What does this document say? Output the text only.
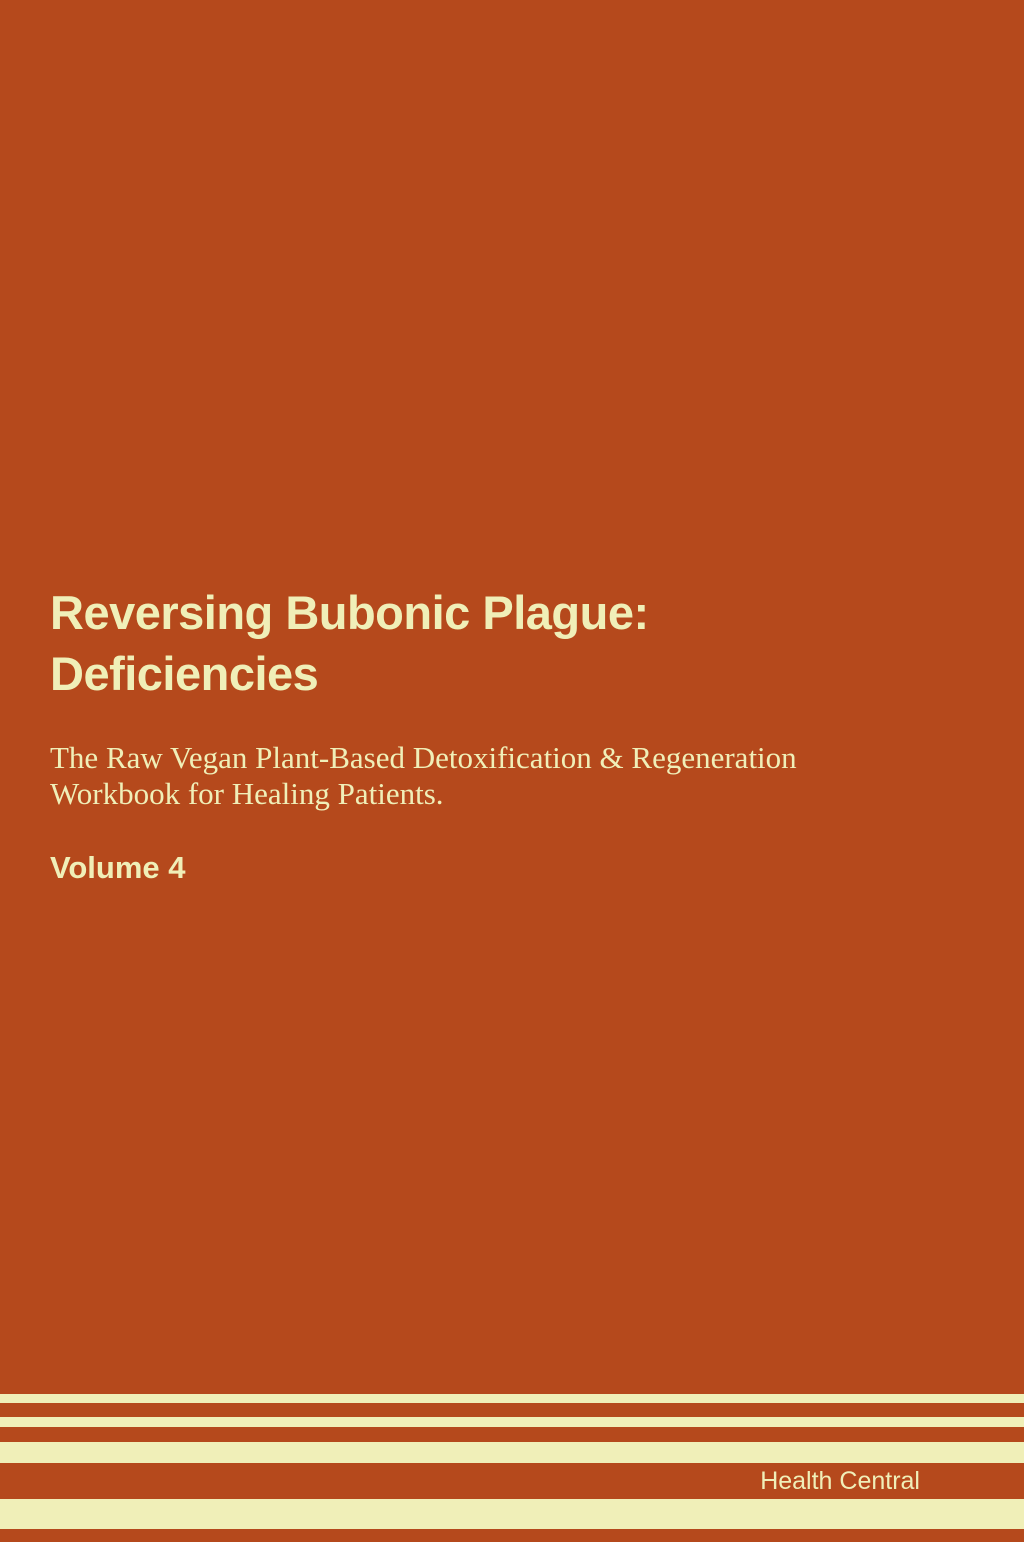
Reversing Bubonic Plague:
Deficiencies
The Raw Vegan Plant-Based Detoxification & Regeneration
Workbook for Healing Patients.
Volume 4
Health Central
